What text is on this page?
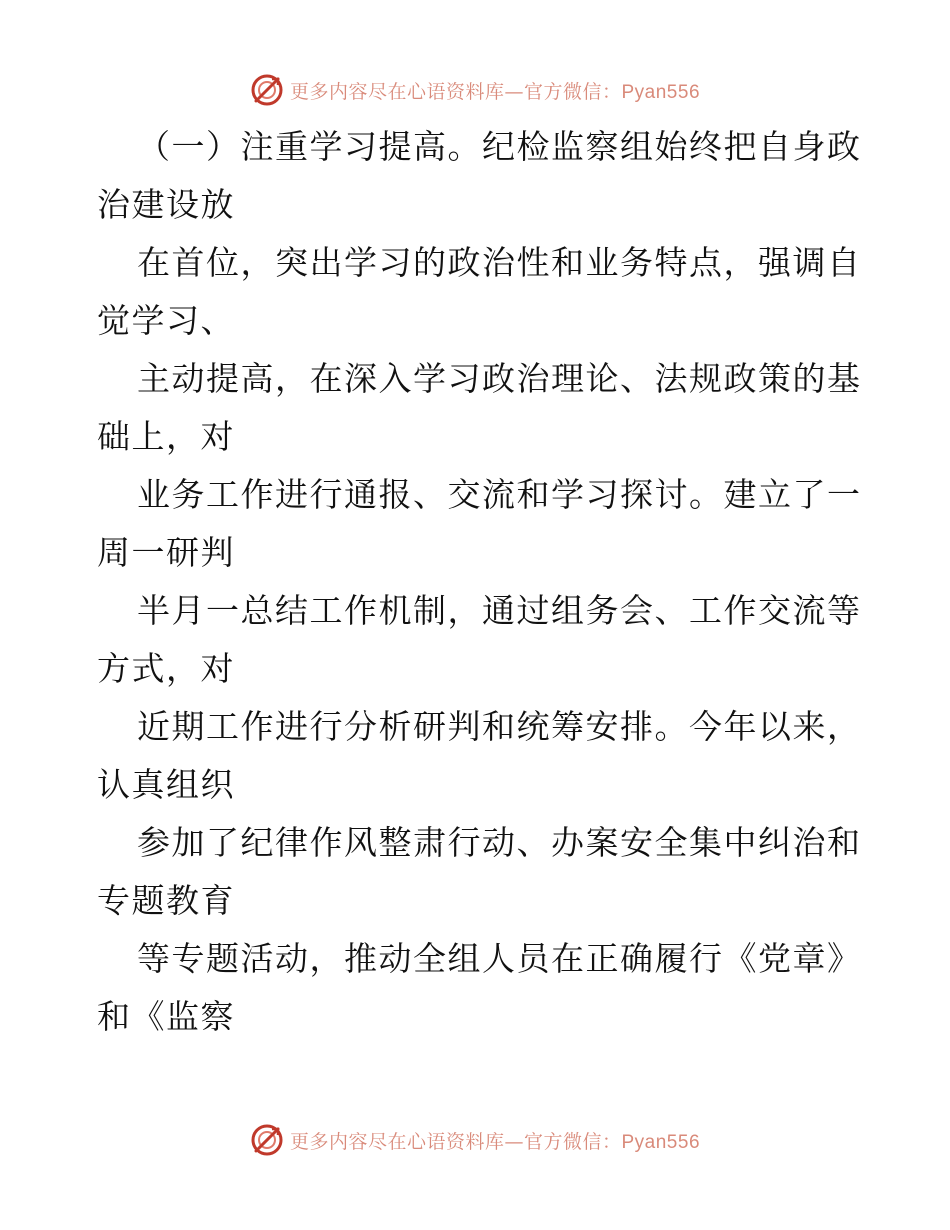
更多内容尽在心语资料库—官方微信：Pyan556

（一）注重学习提高。纪检监察组始终把自身政
治建设放

在首位，突出学习的政治性和业务特点，强调自
觉学习、

主动提高，在深入学习政治理论、法规政策的基
础上，对

业务工作进行通报、交流和学习探讨。建立了一
周一研判

半月一总结工作机制，通过组务会、工作交流等
方式，对

近期工作进行分析研判和统筹安排。今年以来，
认真组织

参加了纪律作风整肃行动、办案安全集中纠治和
专题教育

等专题活动，推动全组人员在正确履行《党章》
和《监察

更多内容尽在心语资料库—官方微信：Pyan556
